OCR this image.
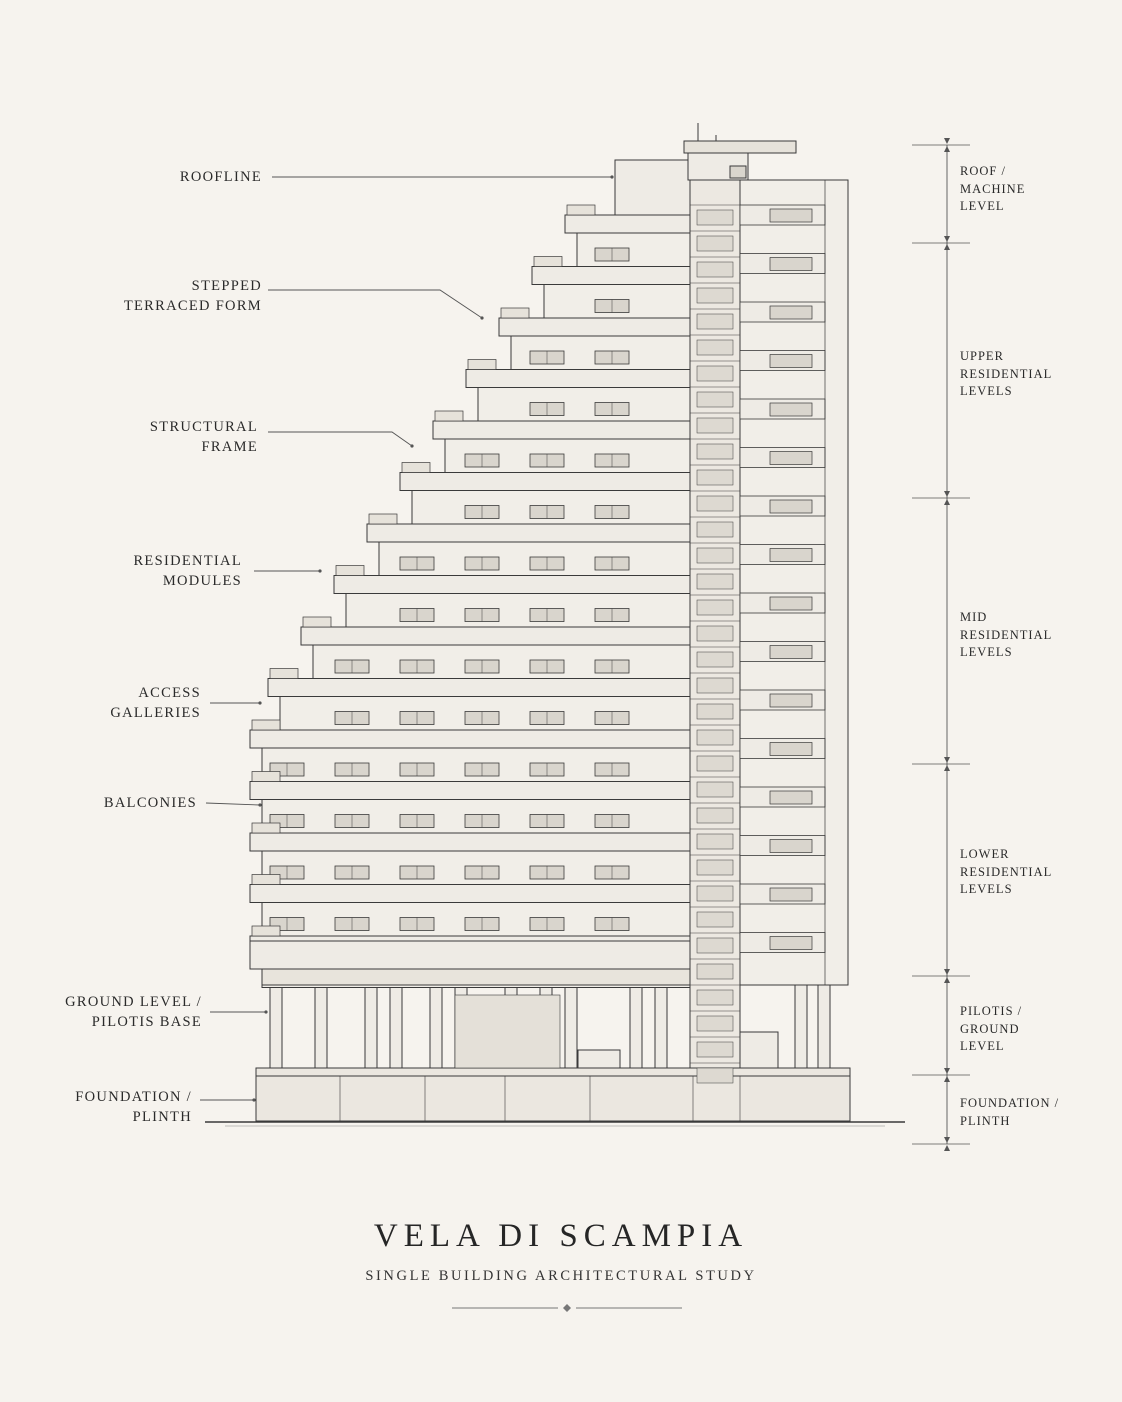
ROOFLINE
STEPPED
TERRACED FORM
STRUCTURAL
FRAME
RESIDENTIAL
MODULES
ACCESS
GALLERIES
BALCONIES
GROUND LEVEL /
PILOTIS BASE
FOUNDATION /
PLINTH
ROOF /
MACHINE
LEVEL
UPPER
RESIDENTIAL
LEVELS
MID
RESIDENTIAL
LEVELS
LOWER
RESIDENTIAL
LEVELS
PILOTIS /
GROUND
LEVEL
FOUNDATION /
PLINTH
VELA DI SCAMPIA
SINGLE BUILDING ARCHITECTURAL STUDY
